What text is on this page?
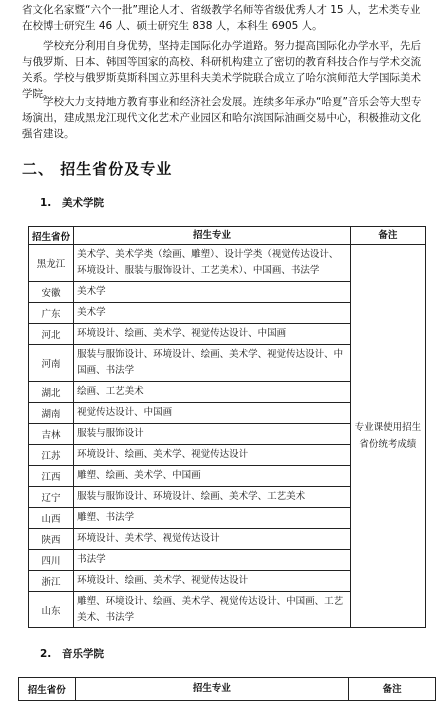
省文化名家暨“六个一批”理论人才、省级教学名师等省级优秀人才 15 人，艺术类专业在校博士研究生 46 人、硕士研究生 838 人，本科生 6905 人。

学校充分利用自身优势，坚持走国际化办学道路。努力提高国际化办学水平，先后与俄罗斯、日本、韩国等国家的高校、科研机构建立了密切的教育科技合作与学术交流关系。学校与俄罗斯莫斯科国立苏里科夫美术学院联合成立了哈尔滨师范大学国际美术学院。

学校大力支持地方教育事业和经济社会发展。连续多年承办“哈夏”音乐会等大型专场演出，建成黑龙江现代文化艺术产业园区和哈尔滨国际油画交易中心，积极推动文化强省建设。

二、 招生省份及专业
1. 美术学院
招生省份	招生专业	备注
黑龙江	美术学、美术学类（绘画、雕塑）、设计学类（视觉传达设计、环境设计、服装与服饰设计、工艺美术）、中国画、书法学	专业课使用招生省份统考成绩
安徽	美术学	
广东	美术学	
河北	环境设计、绘画、美术学、视觉传达设计、中国画	
河南	服装与服饰设计、环境设计、绘画、美术学、视觉传达设计、中国画、书法学	
湖北	绘画、工艺美术	
湖南	视觉传达设计、中国画	
吉林	服装与服饰设计	
江苏	环境设计、绘画、美术学、视觉传达设计	
江西	雕塑、绘画、美术学、中国画	
辽宁	服装与服饰设计、环境设计、绘画、美术学、工艺美术	
山西	雕塑、书法学	
陕西	环境设计、美术学、视觉传达设计	
四川	书法学	
浙江	环境设计、绘画、美术学、视觉传达设计	
山东	雕塑、环境设计、绘画、美术学、视觉传达设计、中国画、工艺美术、书法学	
2. 音乐学院
招生省份	招生专业	备注
